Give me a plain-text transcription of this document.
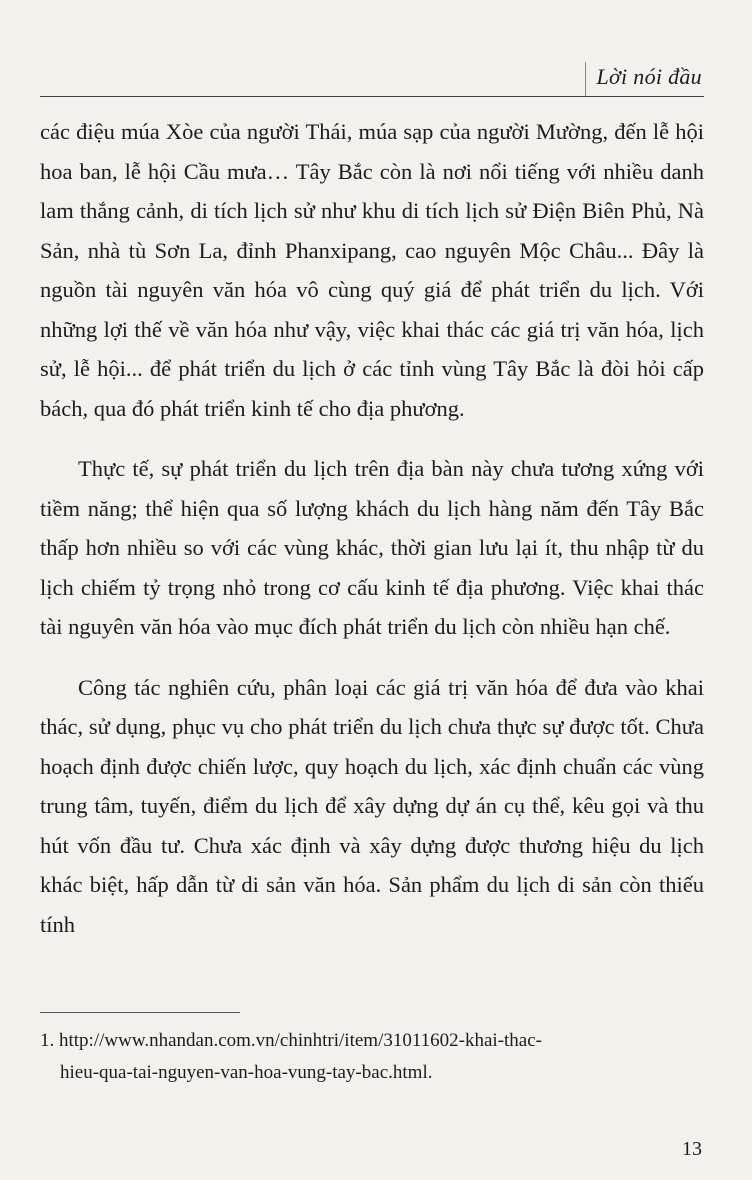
Lời nói đầu

các điệu múa Xòe của người Thái, múa sạp của người Mường, đến lễ hội hoa ban, lễ hội Cầu mưa… Tây Bắc còn là nơi nổi tiếng với nhiều danh lam thắng cảnh, di tích lịch sử như khu di tích lịch sử Điện Biên Phủ, Nà Sản, nhà tù Sơn La, đỉnh Phanxipang, cao nguyên Mộc Châu... Đây là nguồn tài nguyên văn hóa vô cùng quý giá để phát triển du lịch. Với những lợi thế về văn hóa như vậy, việc khai thác các giá trị văn hóa, lịch sử, lễ hội... để phát triển du lịch ở các tỉnh vùng Tây Bắc là đòi hỏi cấp bách, qua đó phát triển kinh tế cho địa phương.

Thực tế, sự phát triển du lịch trên địa bàn này chưa tương xứng với tiềm năng; thể hiện qua số lượng khách du lịch hàng năm đến Tây Bắc thấp hơn nhiều so với các vùng khác, thời gian lưu lại ít, thu nhập từ du lịch chiếm tỷ trọng nhỏ trong cơ cấu kinh tế địa phương. Việc khai thác tài nguyên văn hóa vào mục đích phát triển du lịch còn nhiều hạn chế.

Công tác nghiên cứu, phân loại các giá trị văn hóa để đưa vào khai thác, sử dụng, phục vụ cho phát triển du lịch chưa thực sự được tốt. Chưa hoạch định được chiến lược, quy hoạch du lịch, xác định chuẩn các vùng trung tâm, tuyến, điểm du lịch để xây dựng dự án cụ thể, kêu gọi và thu hút vốn đầu tư. Chưa xác định và xây dựng được thương hiệu du lịch khác biệt, hấp dẫn từ di sản văn hóa. Sản phẩm du lịch di sản còn thiếu tính

1. http://www.nhandan.com.vn/chinhtri/item/31011602-khai-thac-
hieu-qua-tai-nguyen-van-hoa-vung-tay-bac.html.
13
